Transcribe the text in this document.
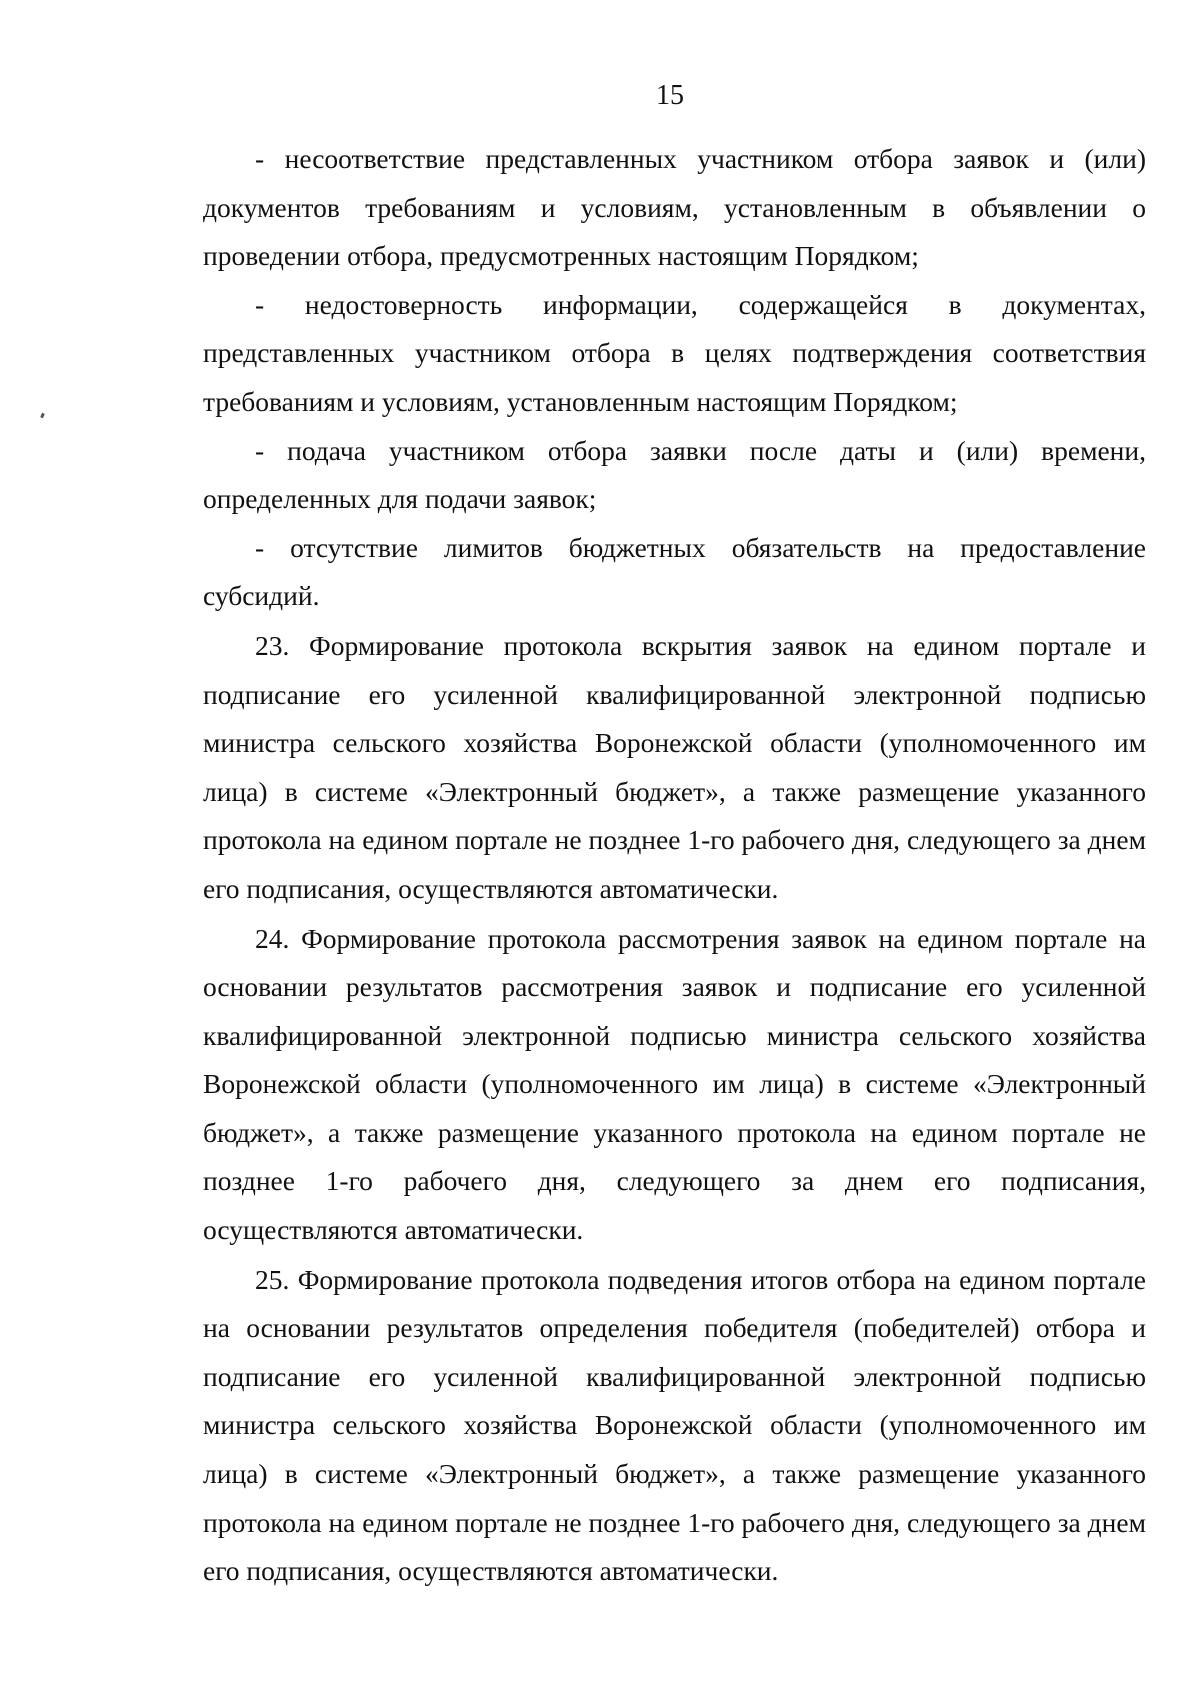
15

- несоответствие представленных участником отбора заявок и (или) документов требованиям и условиям, установленным в объявлении о проведении отбора, предусмотренных настоящим Порядком;

- недостоверность информации, содержащейся в документах, представленных участником отбора в целях подтверждения соответствия требованиям и условиям, установленным настоящим Порядком;

- подача участником отбора заявки после даты и (или) времени, определенных для подачи заявок;

- отсутствие лимитов бюджетных обязательств на предоставление субсидий.

23. Формирование протокола вскрытия заявок на едином портале и подписание его усиленной квалифицированной электронной подписью министра сельского хозяйства Воронежской области (уполномоченного им лица) в системе «Электронный бюджет», а также размещение указанного протокола на едином портале не позднее 1-го рабочего дня, следующего за днем его подписания, осуществляются автоматически.

24. Формирование протокола рассмотрения заявок на едином портале на основании результатов рассмотрения заявок и подписание его усиленной квалифицированной электронной подписью министра сельского хозяйства Воронежской области (уполномоченного им лица) в системе «Электронный бюджет», а также размещение указанного протокола на едином портале не позднее 1-го рабочего дня, следующего за днем его подписания, осуществляются автоматически.

25. Формирование протокола подведения итогов отбора на едином портале на основании результатов определения победителя (победителей) отбора и подписание его усиленной квалифицированной электронной подписью министра сельского хозяйства Воронежской области (уполномоченного им лица) в системе «Электронный бюджет», а также размещение указанного протокола на едином портале не позднее 1-го рабочего дня, следующего за днем его подписания, осуществляются автоматически.
